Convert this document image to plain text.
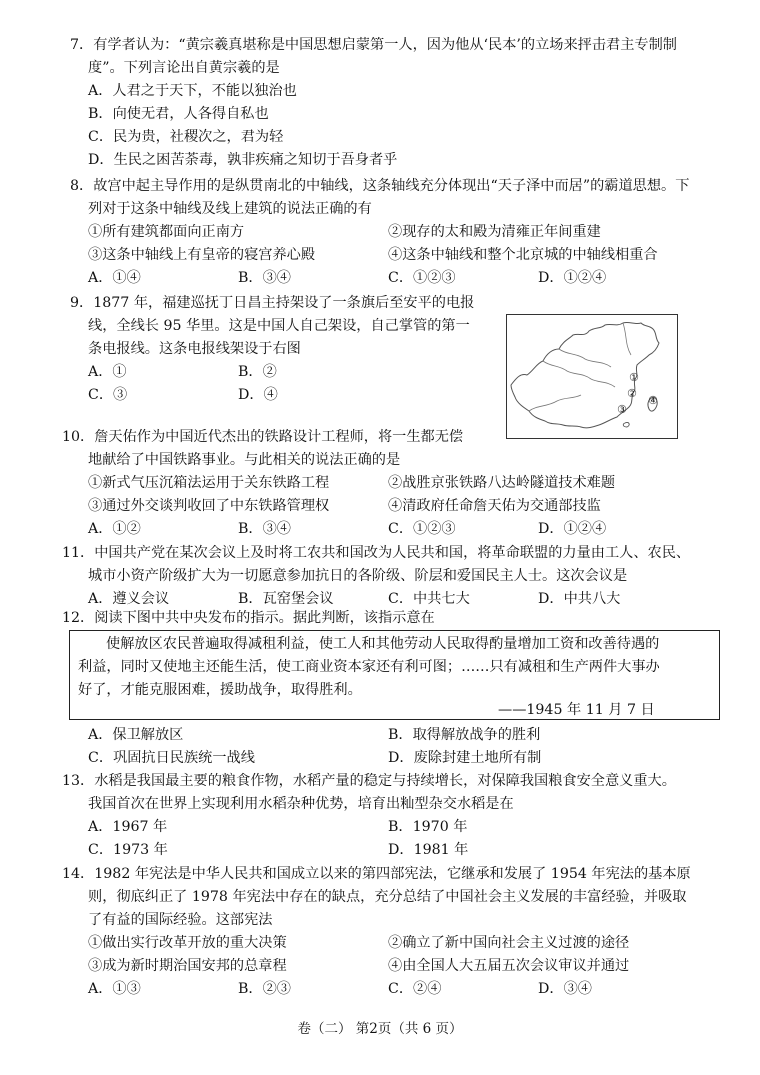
7．有学者认为：“黄宗羲真堪称是中国思想启蒙第一人，因为他从‘民本’的立场来抨击君主专制制
度”。下列言论出自黄宗羲的是
A．人君之于天下，不能以独治也
B．向使无君，人各得自私也
C．民为贵，社稷次之，君为轻
D．生民之困苦荼毒，孰非疾痛之知切于吾身者乎
8．故宫中起主导作用的是纵贯南北的中轴线，这条轴线充分体现出“天子泽中而居”的霸道思想。下
列对于这条中轴线及线上建筑的说法正确的有
①所有建筑都面向正南方	②现存的太和殿为清雍正年间重建
③这条中轴线上有皇帝的寝宫养心殿	④这条中轴线和整个北京城的中轴线相重合
A．①④	B．③④	C．①②③	D．①②④
9．1877 年，福建巡抚丁日昌主持架设了一条旗后至安平的电报
线，全线长 95 华里。这是中国人自己架设，自己掌管的第一
条电报线。这条电报线架设于右图
A．①	B．②
C．③	D．④
①
②
③
④
10．詹天佑作为中国近代杰出的铁路设计工程师，将一生都无偿
地献给了中国铁路事业。与此相关的说法正确的是
①新式气压沉箱法运用于关东铁路工程	②战胜京张铁路八达岭隧道技术难题
③通过外交谈判收回了中东铁路管理权	④清政府任命詹天佑为交通部技监
A．①②	B．③④	C．①②③	D．①②④
11．中国共产党在某次会议上及时将工农共和国改为人民共和国，将革命联盟的力量由工人、农民、
城市小资产阶级扩大为一切愿意参加抗日的各阶级、阶层和爱国民主人士。这次会议是
A．遵义会议	B．瓦窑堡会议	C．中共七大	D．中共八大
12．阅读下图中共中央发布的指示。据此判断，该指示意在
使解放区农民普遍取得减租利益，使工人和其他劳动人民取得酌量增加工资和改善待遇的
利益，同时又使地主还能生活，使工商业资本家还有利可图；……只有减租和生产两件大事办
好了，才能克服困难，援助战争，取得胜利。
——1945 年 11 月 7 日
A．保卫解放区	B．取得解放战争的胜利
C．巩固抗日民族统一战线	D．废除封建土地所有制
13．水稻是我国最主要的粮食作物，水稻产量的稳定与持续增长，对保障我国粮食安全意义重大。
我国首次在世界上实现利用水稻杂种优势，培育出籼型杂交水稻是在
A．1967 年	B．1970 年
C．1973 年	D．1981 年
14．1982 年宪法是中华人民共和国成立以来的第四部宪法，它继承和发展了 1954 年宪法的基本原
则，彻底纠正了 1978 年宪法中存在的缺点，充分总结了中国社会主义发展的丰富经验，并吸取
了有益的国际经验。这部宪法
①做出实行改革开放的重大决策	②确立了新中国向社会主义过渡的途径
③成为新时期治国安邦的总章程	④由全国人大五届五次会议审议并通过
A．①③	B．②③	C．②④	D．③④
卷（二） 第2页（共 6 页）
